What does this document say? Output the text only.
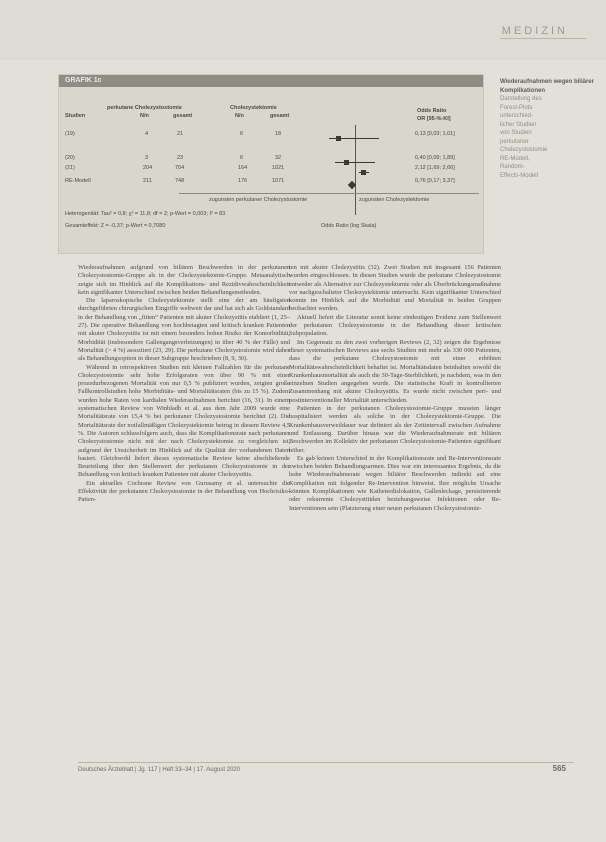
MEDIZIN
GRAFIK 1c
perkutane Cholezystostomie	Cholezystektomie
Studien	N/n	gesamt	N/n	gesamt
Odds Ratio
OR [95-%-KI]
(19)	4	21	6	18	0,13 [0,03; 1,01]
(20)	3	23	6	32	0,40 [0,09; 1,89]
(21)	204	704	164	1021	2,12 [1,69; 2,66]
RE-Modell	211	748	176	1071	0,76 [0,17; 3,37]
zugunsten perkutaner Cholezystostomie	zugunsten Cholezystektomie
Heterogenität: Tau² = 0,8; χ² = 11,8; df = 2; p-Wert = 0,003; I² = 83
Gesamteffekt: Z = -0,37; p-Wert = 0,7080	Odds Ratio (log Skala)
Wiederaufnahmen wegen biliärer Komplikationen
Darstellung des
Forest-Plots
unterschied-
licher Studien
von Studien
perkutaner
Cholezystostomie
RE-Modell,
Random-
Effects-Modell

Wiederaufnahmen aufgrund von biliären Beschwerden in der perkutanen Cholezystostomie-Gruppe als in der Cholezystektomie-Gruppe. Metaanalytisch zeigte sich im Hinblick auf die Komplikations- und Rezidivwahrscheinlichkeit kein signifikanter Unterschied zwischen beiden Behandlungsmethoden.

Die laparoskopische Cholezystektomie stellt eine der am häufigsten durchgeführten chirurgischen Eingriffe weltweit dar und hat sich als Goldstandard in der Behandlung von „fitten“ Patienten mit akuter Cholezystitis etabliert (1, 25–27). Die operative Behandlung von hochbetagten und kritisch kranken Patienten mit akuter Cholezystitis ist mit einem besonders hohen Risiko der Komorbidität, Morbidität (insbesondere Gallengangsverletzungen) in über 40 % der Fälle) und Mortalität (> 4 %) assoziiert (23, 29). Die perkutane Cholezystostomie wird daher als Behandlungsoption in dieser Subgruppe beschrieben (8, 9, 30).

Während in retrospektiven Studien mit kleinen Fallzahlen für die perkutane Cholezystostomie sehr hohe Erfolgsraten von über 90 % mit einer prozedurbezogenen Mortalität von nur 0,5 % publiziert wurden, zeigten große Fallkontrollstudien hohe Morbiditäts- und Mortalitätsraten (bis zu 15 %). Zudem wurden hohe Raten von kardialen Wiederaufnahmen berichtet (16, 31). In einem systematischen Review von Winbladh et al. aus dem Jahr 2009 wurde eine Mortalitätsrate von 15,4 % bei perkutaner Cholezystostomie berichtet (2). Die Mortalitätsrate der notfallmäßigen Cholezystektomie betrug in diesem Review 4,5 %. Die Autoren schlussfolgern auch, dass die Komplikationsrate nach perkutaner Cholezystostomie nicht mit der nach Cholezystektomie zu vergleichen ist, aufgrund der Unsicherheit im Hinblick auf die Qualität der vorhandenen Daten basiert. Gleichwohl liefert dieses systematische Review keine abschließende Beurteilung über den Stellenwert der perkutanen Cholezystostomie in der Behandlung von kritisch kranken Patienten mit akuter Cholezystitis.

Ein aktuelles Cochrane Review von Gurusamy et al. untersuchte die Effektivität der perkutanen Cholezystostomie in der Behandlung von Hochrisiko-Patien-

ten mit akuter Cholezystitis (32). Zwei Studien mit insgesamt 156 Patienten wurden eingeschlossen. In diesen Studien wurde die perkutane Cholezystostomie entweder als Alternative zur Cholezystektomie oder als Überbrückungsmaßnahme vor nachgeschalteter Cholezystektomie untersucht. Kein signifikanter Unterschied konnte im Hinblick auf die Morbidität und Mortalität in beiden Gruppen beobachtet werden.

Aktuell liefert die Literatur somit keine eindeutigen Evidenz zum Stellenwert der perkutanen Cholezystostomie in der Behandlung dieser kritischen Subpopulation.

Im Gegensatz zu den zwei vorherigen Reviews (2, 32) zeigen die Ergebnisse dieser systematischen Reviews aus sechs Studien mit mehr als 330 000 Patienten, dass die perkutane Cholezystostomie mit einer erhöhten Mortalitätswahrscheinlichkeit behaftet ist. Mortalitätsdaten beinhalten sowohl die Krankenhausmortalität als auch die 30-Tage-Sterblichkeit, je nachdem, was in den einzelnen Studien angegeben wurde. Die statistische Kraft in kontrollierten Zusammenhang mit akuter Cholezystitis. Es wurde nicht zwischen peri- und postinterventioneller Mortalität unterschieden.

Patienten in der perkutanen Cholezystostomie-Gruppe mussten länger hospitalisiert werden als solche in der Cholezystektomie-Gruppe. Die Krankenhausverweildauer war definiert als der Zeitintervall zwischen Aufnahme und Entlassung. Darüber hinaus war die Wiederaufnahmerate mit biliären Beschwerden im Kollektiv der perkutanen Cholezystostomie-Patienten signifikant höher.

Es gab keinen Unterschied in der Komplikationsrate und Re-Interventionsrate zwischen beiden Behandlungsarmen. Dies war ein interessantes Ergebnis, da die hohe Wiederaufnahmerate wegen biliärer Beschwerden indirekt auf eine Komplikation mit folgender Re-Intervention hinweist. Ihre mögliche Ursache könnten Komplikationen wie Katheterdislokation, Gallenleckage, persistierende oder rekurrente Cholezystitiden beziehungsweise Infektionen oder Re-Interventionen sein (Platzierung einer neuen perkutanen Cholezystostomie-

Deutsches Ärzteblatt | Jg. 117 | Heft 33–34 | 17. August 2020	565
